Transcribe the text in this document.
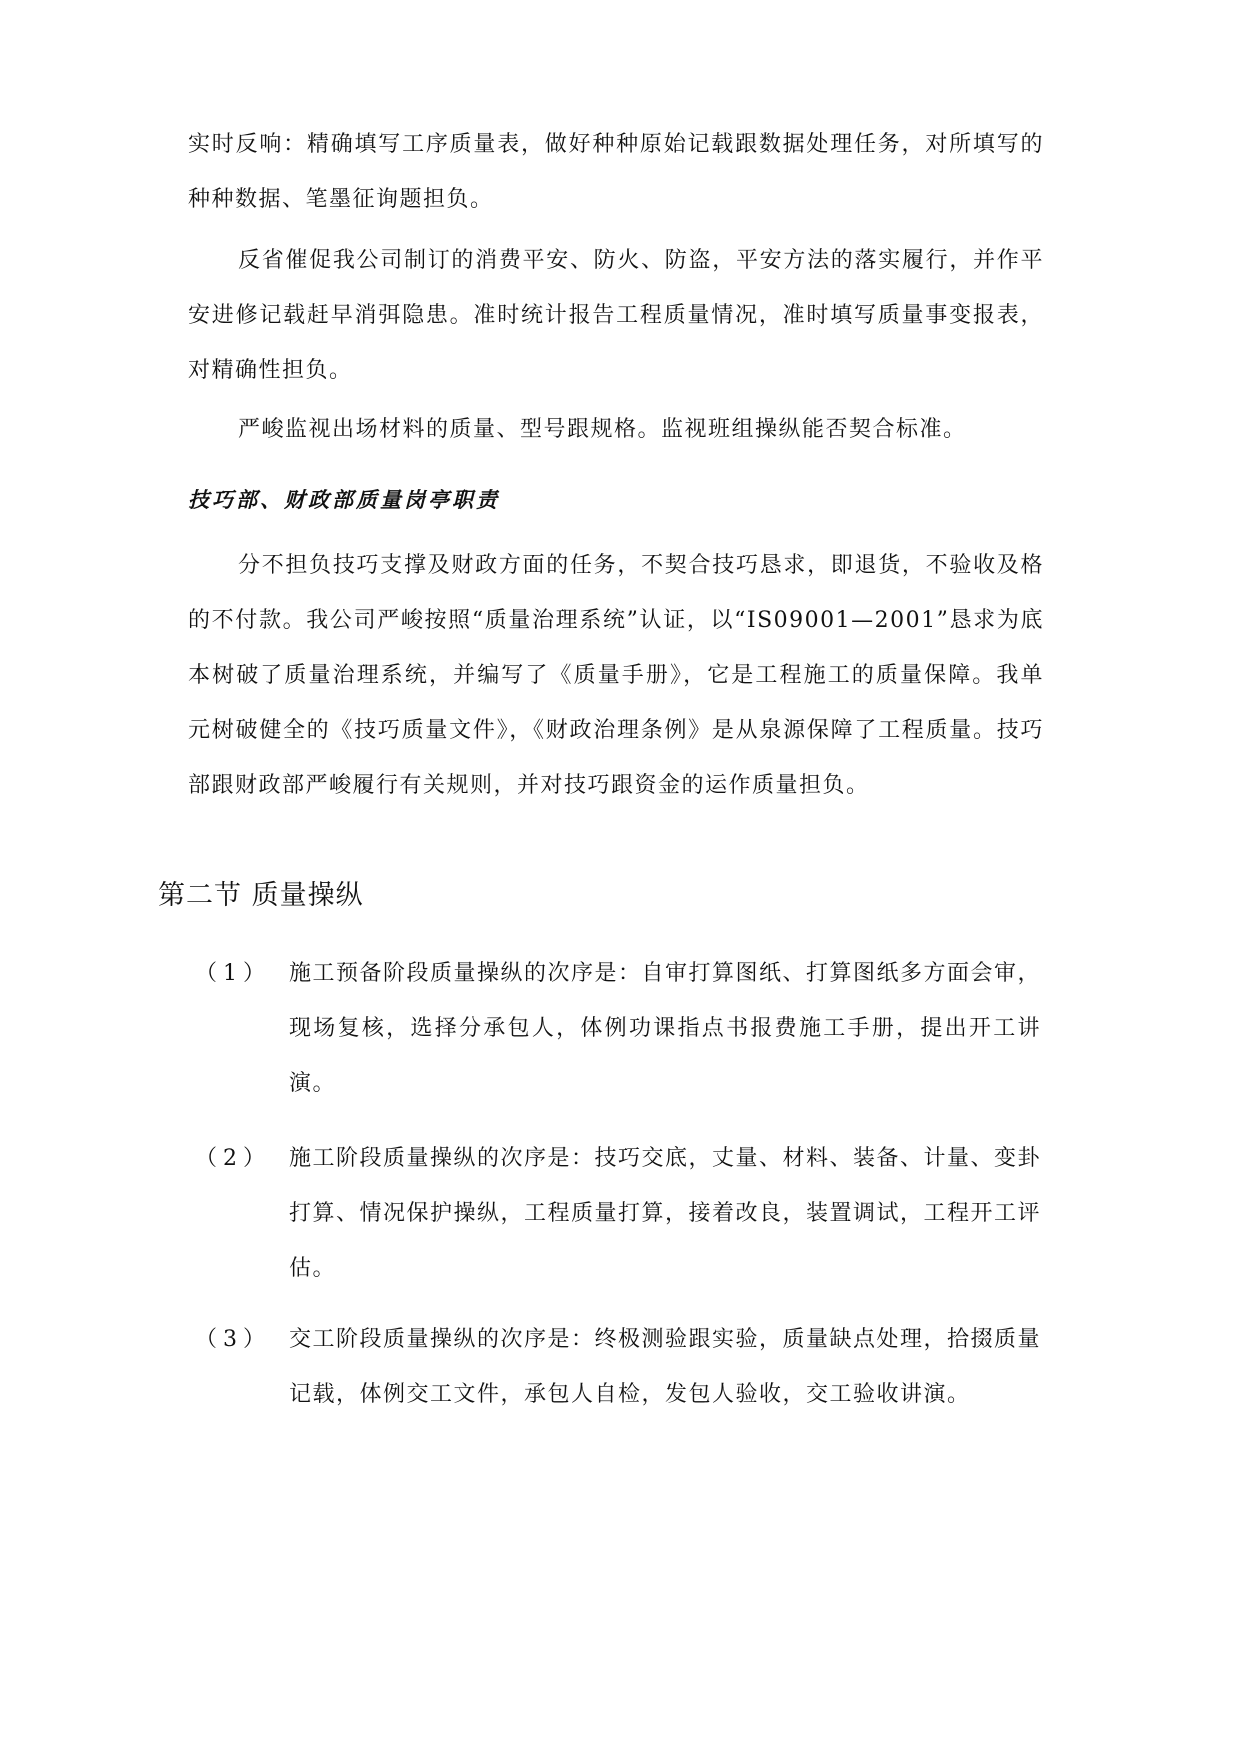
实时反响：精确填写工序质量表，做好种种原始记载跟数据处理任务，对所填写的种种数据、笔墨征询题担负。

反省催促我公司制订的消费平安、防火、防盗，平安方法的落实履行，并作平安进修记载赶早消弭隐患。准时统计报告工程质量情况，准时填写质量事变报表，对精确性担负。

严峻监视出场材料的质量、型号跟规格。监视班组操纵能否契合标准。

技巧部、财政部质量岗亭职责

分不担负技巧支撑及财政方面的任务，不契合技巧恳求，即退货，不验收及格的不付款。我公司严峻按照“质量治理系统”认证，以“IS09001—2001”恳求为底本树破了质量治理系统，并编写了《质量手册》，它是工程施工的质量保障。我单元树破健全的《技巧质量文件》，《财政治理条例》是从泉源保障了工程质量。技巧部跟财政部严峻履行有关规则，并对技巧跟资金的运作质量担负。

第二节 质量操纵
（1） 施工预备阶段质量操纵的次序是：自审打算图纸、打算图纸多方面会审，现场复核，选择分承包人，体例功课指点书报费施工手册，提出开工讲演。

（2） 施工阶段质量操纵的次序是：技巧交底，丈量、材料、装备、计量、变卦打算、情况保护操纵，工程质量打算，接着改良，装置调试，工程开工评估。

（3） 交工阶段质量操纵的次序是：终极测验跟实验，质量缺点处理，拾掇质量记载，体例交工文件，承包人自检，发包人验收，交工验收讲演。
